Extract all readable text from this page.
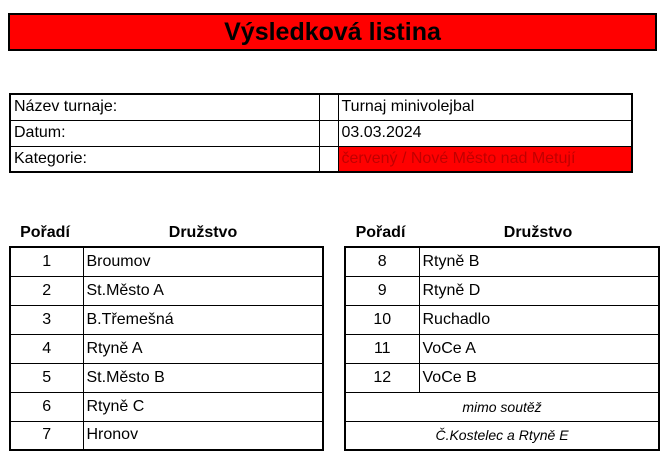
Výsledková listina
Název turnaje:		Turnaj minivolejbal
Datum:		03.03.2024
Kategorie:		červený / Nové Město nad Metují
Pořadí	Družstvo
1	Broumov
2	St.Město A
3	B.Třemešná
4	Rtyně A
5	St.Město B
6	Rtyně C
7	Hronov
Pořadí	Družstvo
8	Rtyně B
9	Rtyně D
10	Ruchadlo
11	VoCe A
12	VoCe B
mimo soutěž	
Č.Kostelec a Rtyně E	
